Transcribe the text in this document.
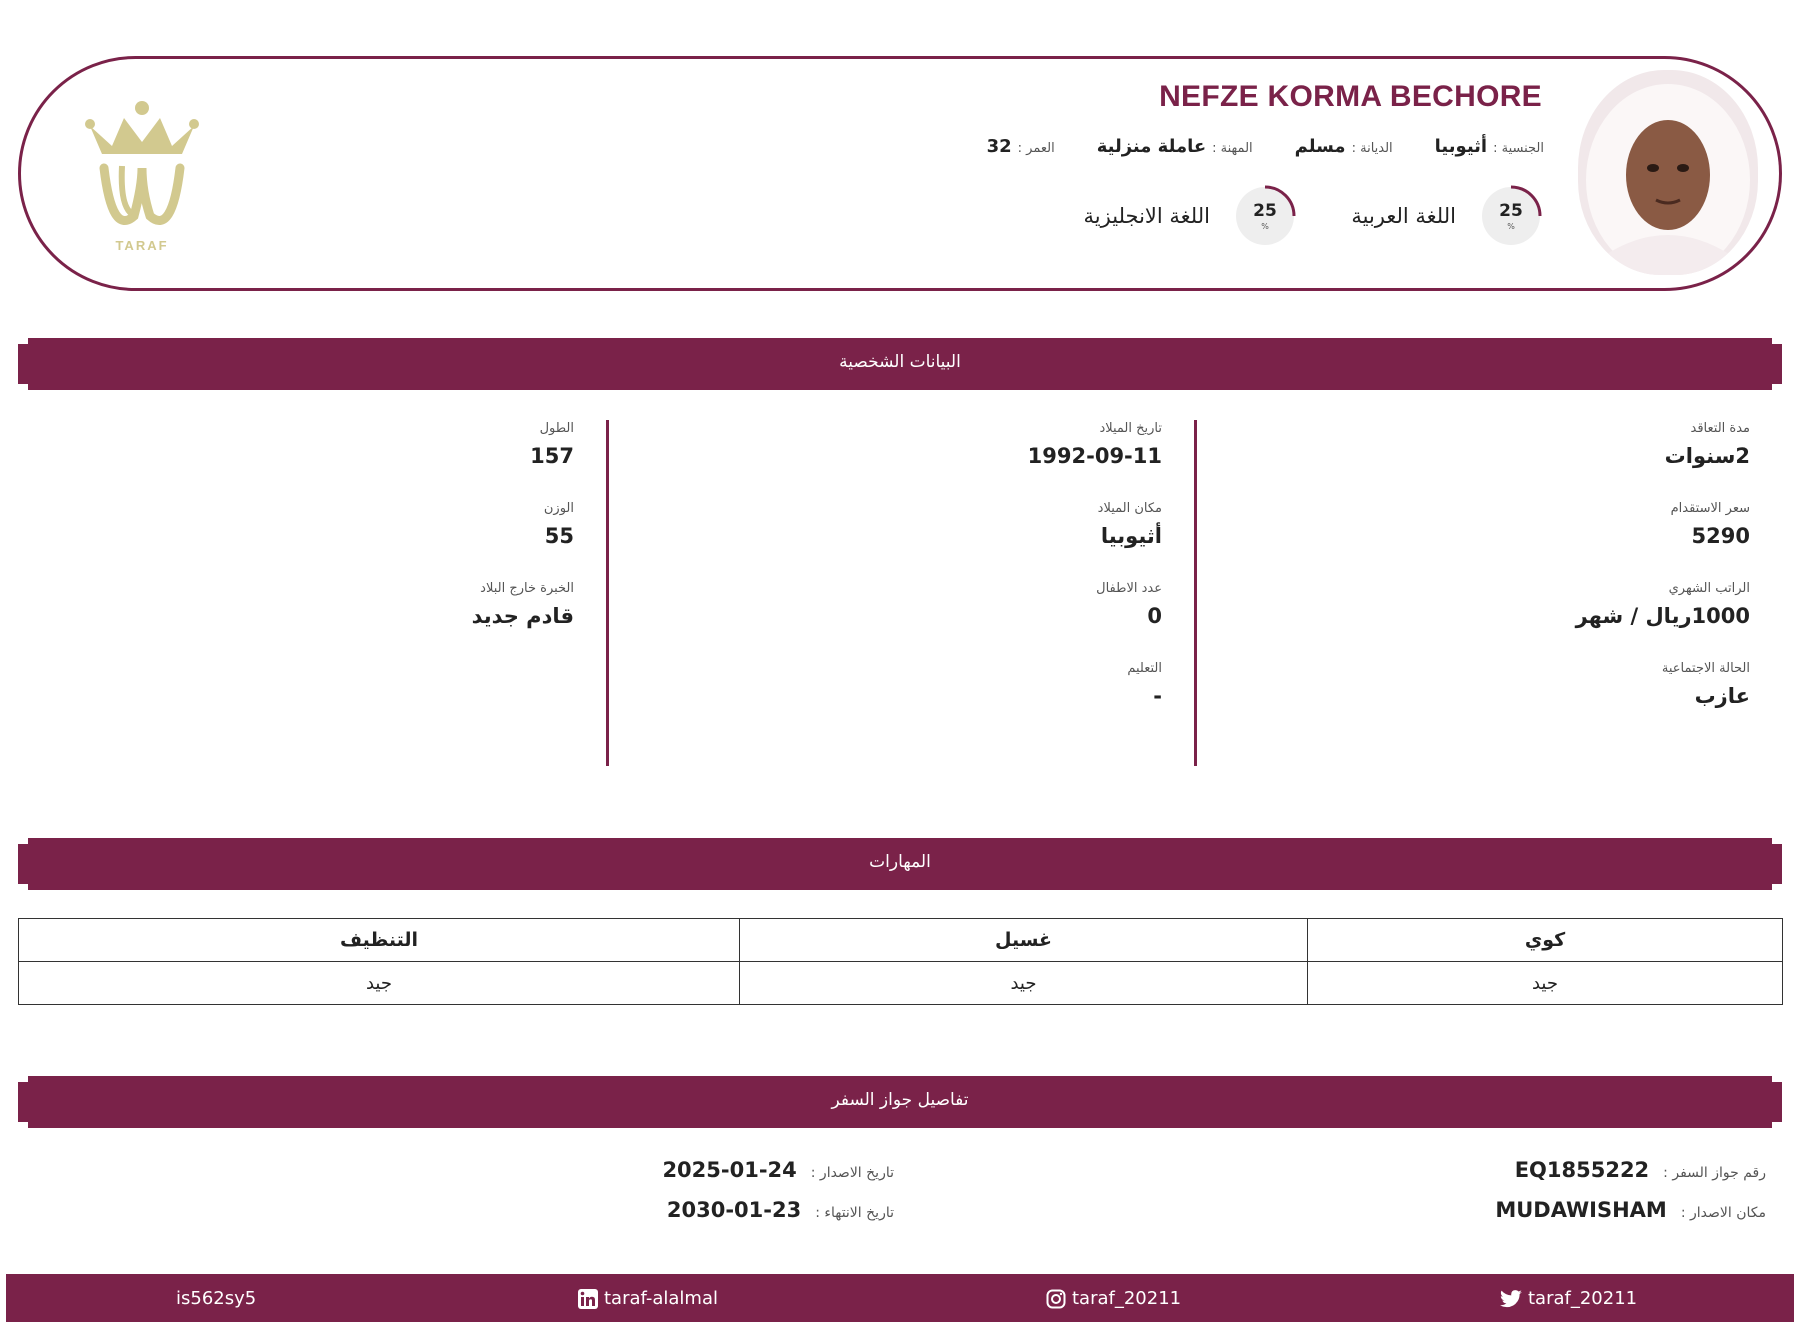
NEFZE KORMA BECHORE
الجنسية :
أثيوبيا
الديانة :
مسلم
المهنة :
عاملة منزلية
العمر :
32
25
%
اللغة العربية
25
%
اللغة الانجليزية
TARAF
البيانات الشخصية
مدة التعاقد
2سنوات
سعر الاستقدام
5290
الراتب الشهري
1000ريال / شهر
الحالة الاجتماعية
عازب
تاريخ الميلاد
1992-09-11
مكان الميلاد
أثيوبيا
عدد الاطفال
0
التعليم
-
الطول
157
الوزن
55
الخبرة خارج البلاد
قادم جديد
المهارات
كوي	غسيل	التنظيف
جيد	جيد	جيد
تفاصيل جواز السفر
رقم جواز السفر :
EQ1855222
مكان الاصدار :
MUDAWISHAM
تاريخ الاصدار :
2025-01-24
تاريخ الانتهاء :
2030-01-23
is562sy5	taraf-alalmal	taraf_20211	taraf_20211
